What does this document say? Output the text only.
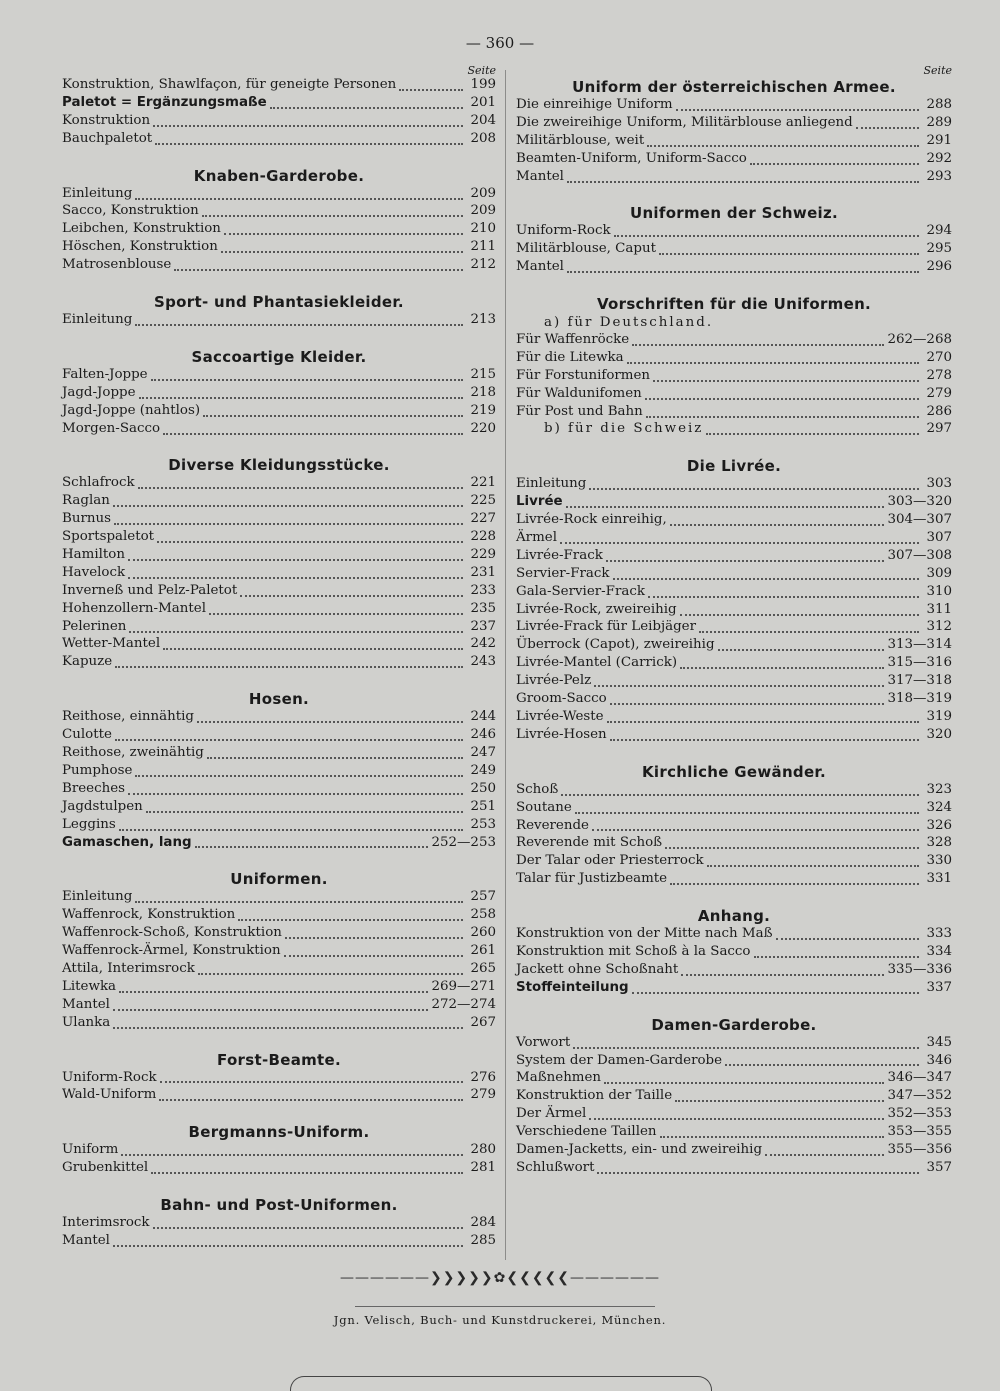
— 360 —
Seite
Konstruktion, Shawlfaçon, für geneigte Personen	199
Paletot = Ergänzungsmaße	201
Konstruktion	204
Bauchpaletot	208
Knaben-Garderobe.
Einleitung	209
Sacco, Konstruktion	209
Leibchen, Konstruktion	210
Höschen, Konstruktion	211
Matrosenblouse	212
Sport- und Phantasiekleider.
Einleitung	213
Saccoartige Kleider.
Falten-Joppe	215
Jagd-Joppe	218
Jagd-Joppe (nahtlos)	219
Morgen-Sacco	220
Diverse Kleidungsstücke.
Schlafrock	221
Raglan	225
Burnus	227
Sportspaletot	228
Hamilton	229
Havelock	231
Inverneß und Pelz-Paletot	233
Hohenzollern-Mantel	235
Pelerinen	237
Wetter-Mantel	242
Kapuze	243
Hosen.
Reithose, einnähtig	244
Culotte	246
Reithose, zweinähtig	247
Pumphose	249
Breeches	250
Jagdstulpen	251
Leggins	253
Gamaschen, lang	252—253
Uniformen.
Einleitung	257
Waffenrock, Konstruktion	258
Waffenrock-Schoß, Konstruktion	260
Waffenrock-Ärmel, Konstruktion	261
Attila, Interimsrock	265
Litewka	269—271
Mantel	272—274
Ulanka	267
Forst-Beamte.
Uniform-Rock	276
Wald-Uniform	279
Bergmanns-Uniform.
Uniform	280
Grubenkittel	281
Bahn- und Post-Uniformen.
Interimsrock	284
Mantel	285
Seite
Uniform der österreichischen Armee.
Die einreihige Uniform	288
Die zweireihige Uniform, Militärblouse anliegend	289
Militärblouse, weit	291
Beamten-Uniform, Uniform-Sacco	292
Mantel	293
Uniformen der Schweiz.
Uniform-Rock	294
Militärblouse, Caput	295
Mantel	296
Vorschriften für die Uniformen.
a) für Deutschland.
Für Waffenröcke	262—268
Für die Litewka	270
Für Forstuniformen	278
Für Waldunifomen	279
Für Post und Bahn	286
b) für die Schweiz	297
Die Livrée.
Einleitung	303
Livrée	303—320
Livrée-Rock einreihig,	304—307
Ärmel	307
Livrée-Frack	307—308
Servier-Frack	309
Gala-Servier-Frack	310
Livrée-Rock, zweireihig	311
Livrée-Frack für Leibjäger	312
Überrock (Capot), zweireihig	313—314
Livrée-Mantel (Carrick)	315—316
Livrée-Pelz	317—318
Groom-Sacco	318—319
Livrée-Weste	319
Livrée-Hosen	320
Kirchliche Gewänder.
Schoß	323
Soutane	324
Reverende	326
Reverende mit Schoß	328
Der Talar oder Priesterrock	330
Talar für Justizbeamte	331
Anhang.
Konstruktion von der Mitte nach Maß	333
Konstruktion mit Schoß à la Sacco	334
Jackett ohne Schoßnaht	335—336
Stoffeinteilung	337
Damen-Garderobe.
Vorwort	345
System der Damen-Garderobe	346
Maßnehmen	346—347
Konstruktion der Taille	347—352
Der Ärmel	352—353
Verschiedene Taillen	353—355
Damen-Jacketts, ein- und zweireihig	355—356
Schlußwort	357
——————❯❯❯❯❯✿❮❮❮❮❮——————
Jgn. Velisch, Buch- und Kunstdruckerei, München.
